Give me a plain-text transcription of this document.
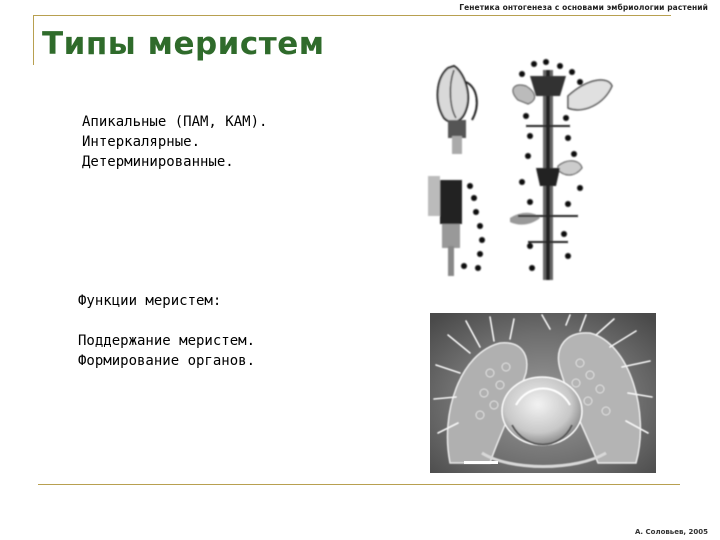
Генетика онтогенеза с основами эмбриологии растений
Типы меристем
Апикальные (ПАМ, КАМ).
Интеркалярные.
Детерминированные.
Функции меристем:

Поддержание меристем.
Формирование органов.
А. Соловьев, 2005
